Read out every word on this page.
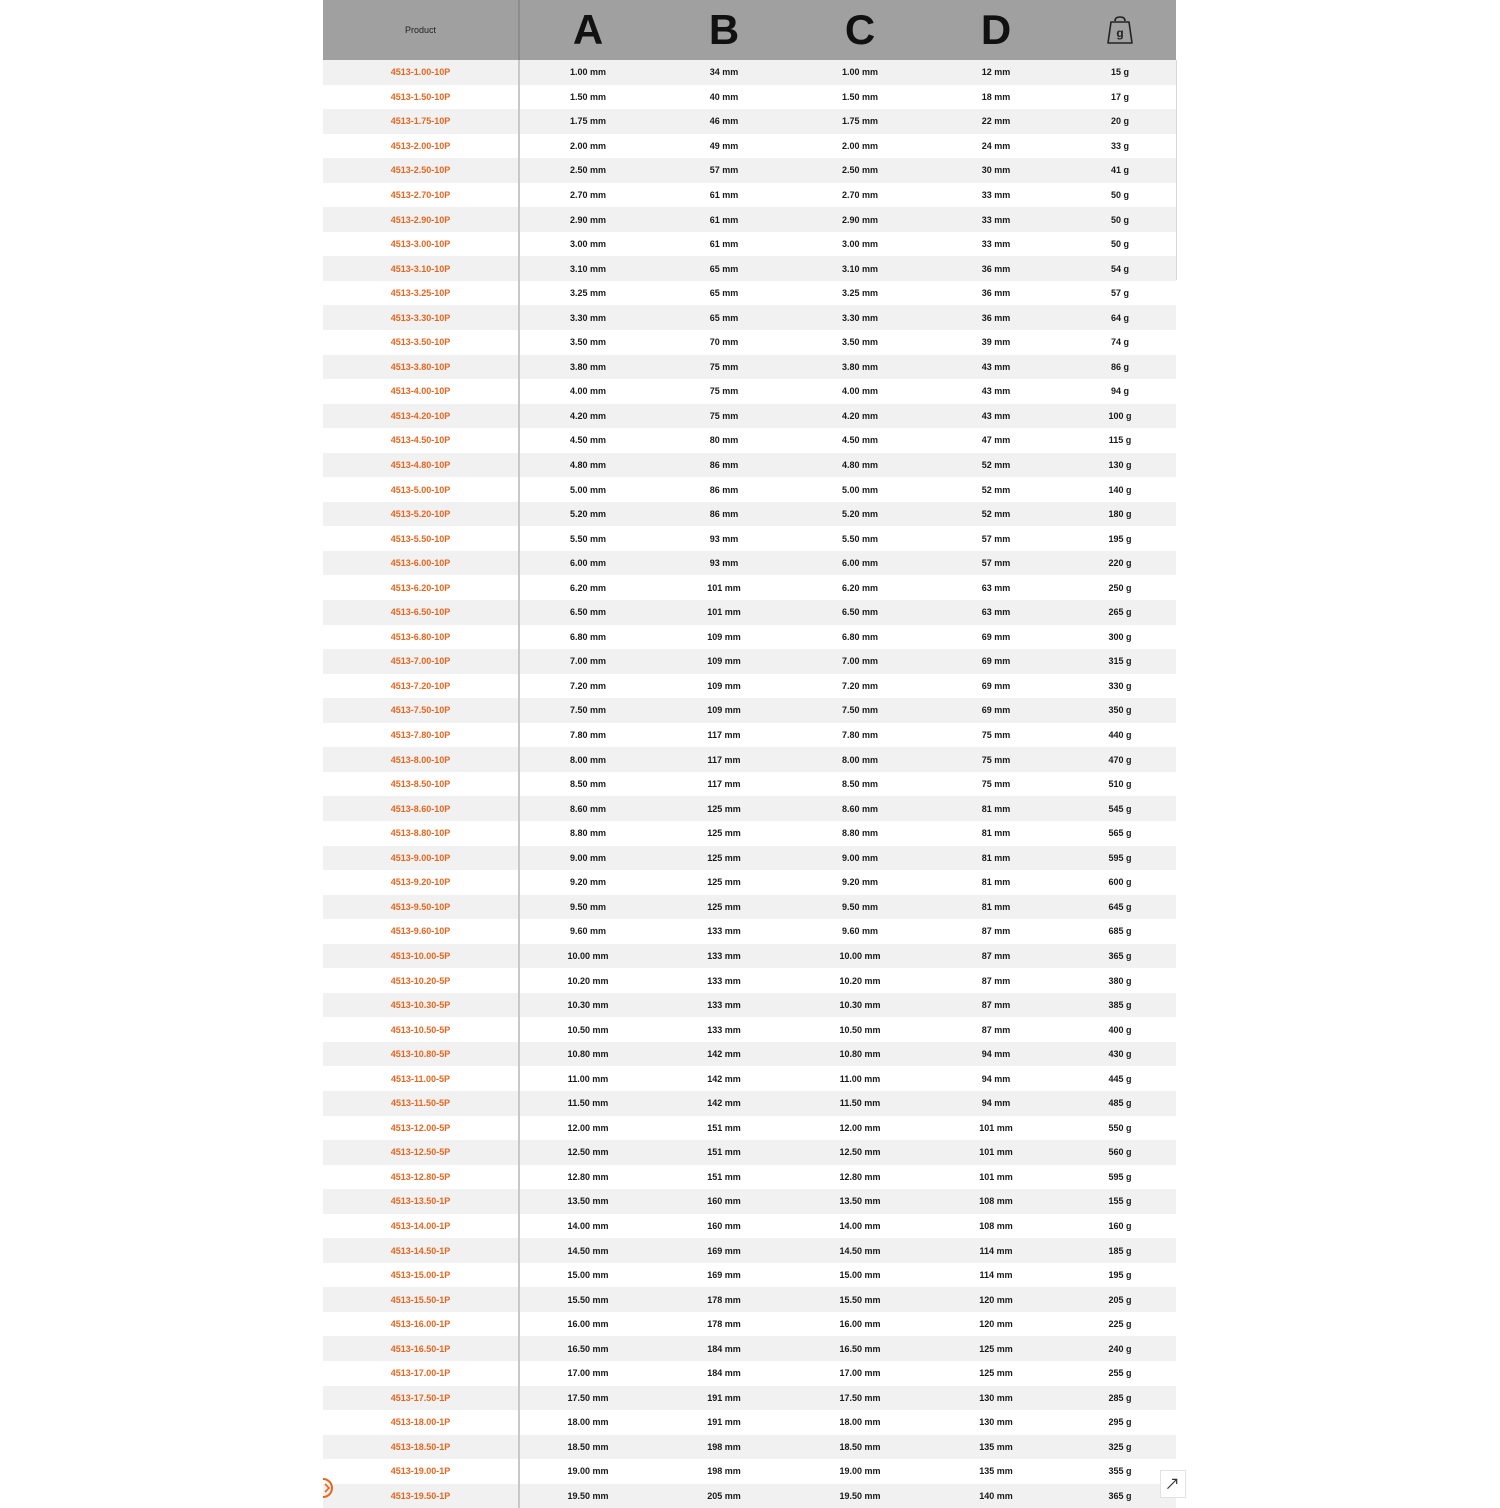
Product	A	B	C	D	g
4513-1.00-10P	1.00 mm	34 mm	1.00 mm	12 mm	15 g
4513-1.50-10P	1.50 mm	40 mm	1.50 mm	18 mm	17 g
4513-1.75-10P	1.75 mm	46 mm	1.75 mm	22 mm	20 g
4513-2.00-10P	2.00 mm	49 mm	2.00 mm	24 mm	33 g
4513-2.50-10P	2.50 mm	57 mm	2.50 mm	30 mm	41 g
4513-2.70-10P	2.70 mm	61 mm	2.70 mm	33 mm	50 g
4513-2.90-10P	2.90 mm	61 mm	2.90 mm	33 mm	50 g
4513-3.00-10P	3.00 mm	61 mm	3.00 mm	33 mm	50 g
4513-3.10-10P	3.10 mm	65 mm	3.10 mm	36 mm	54 g
4513-3.25-10P	3.25 mm	65 mm	3.25 mm	36 mm	57 g
4513-3.30-10P	3.30 mm	65 mm	3.30 mm	36 mm	64 g
4513-3.50-10P	3.50 mm	70 mm	3.50 mm	39 mm	74 g
4513-3.80-10P	3.80 mm	75 mm	3.80 mm	43 mm	86 g
4513-4.00-10P	4.00 mm	75 mm	4.00 mm	43 mm	94 g
4513-4.20-10P	4.20 mm	75 mm	4.20 mm	43 mm	100 g
4513-4.50-10P	4.50 mm	80 mm	4.50 mm	47 mm	115 g
4513-4.80-10P	4.80 mm	86 mm	4.80 mm	52 mm	130 g
4513-5.00-10P	5.00 mm	86 mm	5.00 mm	52 mm	140 g
4513-5.20-10P	5.20 mm	86 mm	5.20 mm	52 mm	180 g
4513-5.50-10P	5.50 mm	93 mm	5.50 mm	57 mm	195 g
4513-6.00-10P	6.00 mm	93 mm	6.00 mm	57 mm	220 g
4513-6.20-10P	6.20 mm	101 mm	6.20 mm	63 mm	250 g
4513-6.50-10P	6.50 mm	101 mm	6.50 mm	63 mm	265 g
4513-6.80-10P	6.80 mm	109 mm	6.80 mm	69 mm	300 g
4513-7.00-10P	7.00 mm	109 mm	7.00 mm	69 mm	315 g
4513-7.20-10P	7.20 mm	109 mm	7.20 mm	69 mm	330 g
4513-7.50-10P	7.50 mm	109 mm	7.50 mm	69 mm	350 g
4513-7.80-10P	7.80 mm	117 mm	7.80 mm	75 mm	440 g
4513-8.00-10P	8.00 mm	117 mm	8.00 mm	75 mm	470 g
4513-8.50-10P	8.50 mm	117 mm	8.50 mm	75 mm	510 g
4513-8.60-10P	8.60 mm	125 mm	8.60 mm	81 mm	545 g
4513-8.80-10P	8.80 mm	125 mm	8.80 mm	81 mm	565 g
4513-9.00-10P	9.00 mm	125 mm	9.00 mm	81 mm	595 g
4513-9.20-10P	9.20 mm	125 mm	9.20 mm	81 mm	600 g
4513-9.50-10P	9.50 mm	125 mm	9.50 mm	81 mm	645 g
4513-9.60-10P	9.60 mm	133 mm	9.60 mm	87 mm	685 g
4513-10.00-5P	10.00 mm	133 mm	10.00 mm	87 mm	365 g
4513-10.20-5P	10.20 mm	133 mm	10.20 mm	87 mm	380 g
4513-10.30-5P	10.30 mm	133 mm	10.30 mm	87 mm	385 g
4513-10.50-5P	10.50 mm	133 mm	10.50 mm	87 mm	400 g
4513-10.80-5P	10.80 mm	142 mm	10.80 mm	94 mm	430 g
4513-11.00-5P	11.00 mm	142 mm	11.00 mm	94 mm	445 g
4513-11.50-5P	11.50 mm	142 mm	11.50 mm	94 mm	485 g
4513-12.00-5P	12.00 mm	151 mm	12.00 mm	101 mm	550 g
4513-12.50-5P	12.50 mm	151 mm	12.50 mm	101 mm	560 g
4513-12.80-5P	12.80 mm	151 mm	12.80 mm	101 mm	595 g
4513-13.50-1P	13.50 mm	160 mm	13.50 mm	108 mm	155 g
4513-14.00-1P	14.00 mm	160 mm	14.00 mm	108 mm	160 g
4513-14.50-1P	14.50 mm	169 mm	14.50 mm	114 mm	185 g
4513-15.00-1P	15.00 mm	169 mm	15.00 mm	114 mm	195 g
4513-15.50-1P	15.50 mm	178 mm	15.50 mm	120 mm	205 g
4513-16.00-1P	16.00 mm	178 mm	16.00 mm	120 mm	225 g
4513-16.50-1P	16.50 mm	184 mm	16.50 mm	125 mm	240 g
4513-17.00-1P	17.00 mm	184 mm	17.00 mm	125 mm	255 g
4513-17.50-1P	17.50 mm	191 mm	17.50 mm	130 mm	285 g
4513-18.00-1P	18.00 mm	191 mm	18.00 mm	130 mm	295 g
4513-18.50-1P	18.50 mm	198 mm	18.50 mm	135 mm	325 g
4513-19.00-1P	19.00 mm	198 mm	19.00 mm	135 mm	355 g
4513-19.50-1P	19.50 mm	205 mm	19.50 mm	140 mm	365 g
